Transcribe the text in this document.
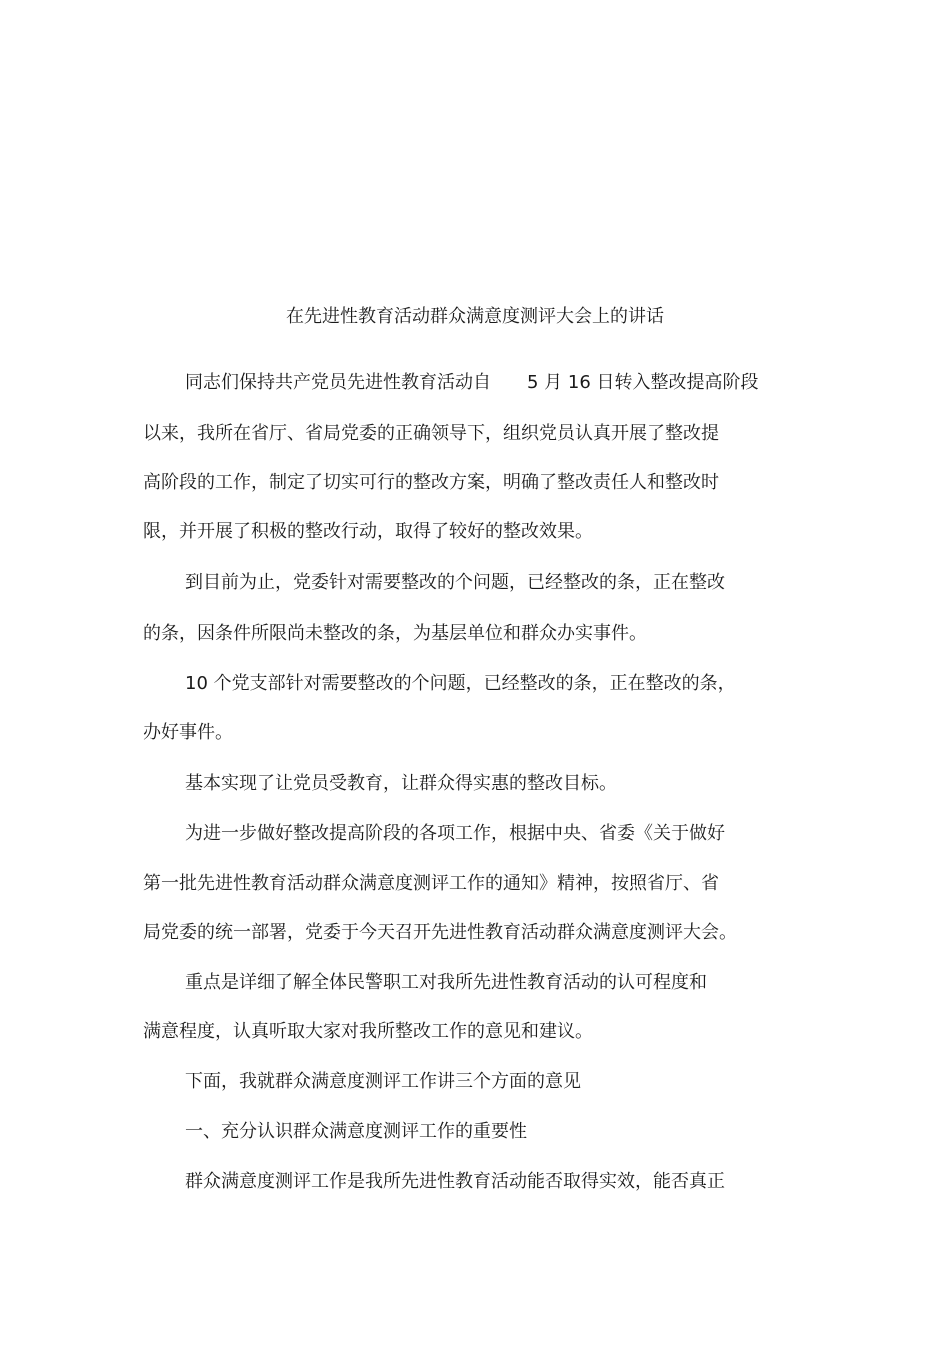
在先进性教育活动群众满意度测评大会上的讲话
同志们保持共产党员先进性教育活动自 5 月 16 日转入整改提高阶段
以来，我所在省厅、省局党委的正确领导下，组织党员认真开展了整改提
高阶段的工作，制定了切实可行的整改方案，明确了整改责任人和整改时
限，并开展了积极的整改行动，取得了较好的整改效果。
到目前为止，党委针对需要整改的个问题，已经整改的条，正在整改
的条，因条件所限尚未整改的条，为基层单位和群众办实事件。
10 个党支部针对需要整改的个问题，已经整改的条，正在整改的条，
办好事件。
基本实现了让党员受教育，让群众得实惠的整改目标。
为进一步做好整改提高阶段的各项工作，根据中央、省委《关于做好
第一批先进性教育活动群众满意度测评工作的通知》精神，按照省厅、省
局党委的统一部署，党委于今天召开先进性教育活动群众满意度测评大会。
重点是详细了解全体民警职工对我所先进性教育活动的认可程度和
满意程度，认真听取大家对我所整改工作的意见和建议。
下面，我就群众满意度测评工作讲三个方面的意见
一、充分认识群众满意度测评工作的重要性
群众满意度测评工作是我所先进性教育活动能否取得实效，能否真正
